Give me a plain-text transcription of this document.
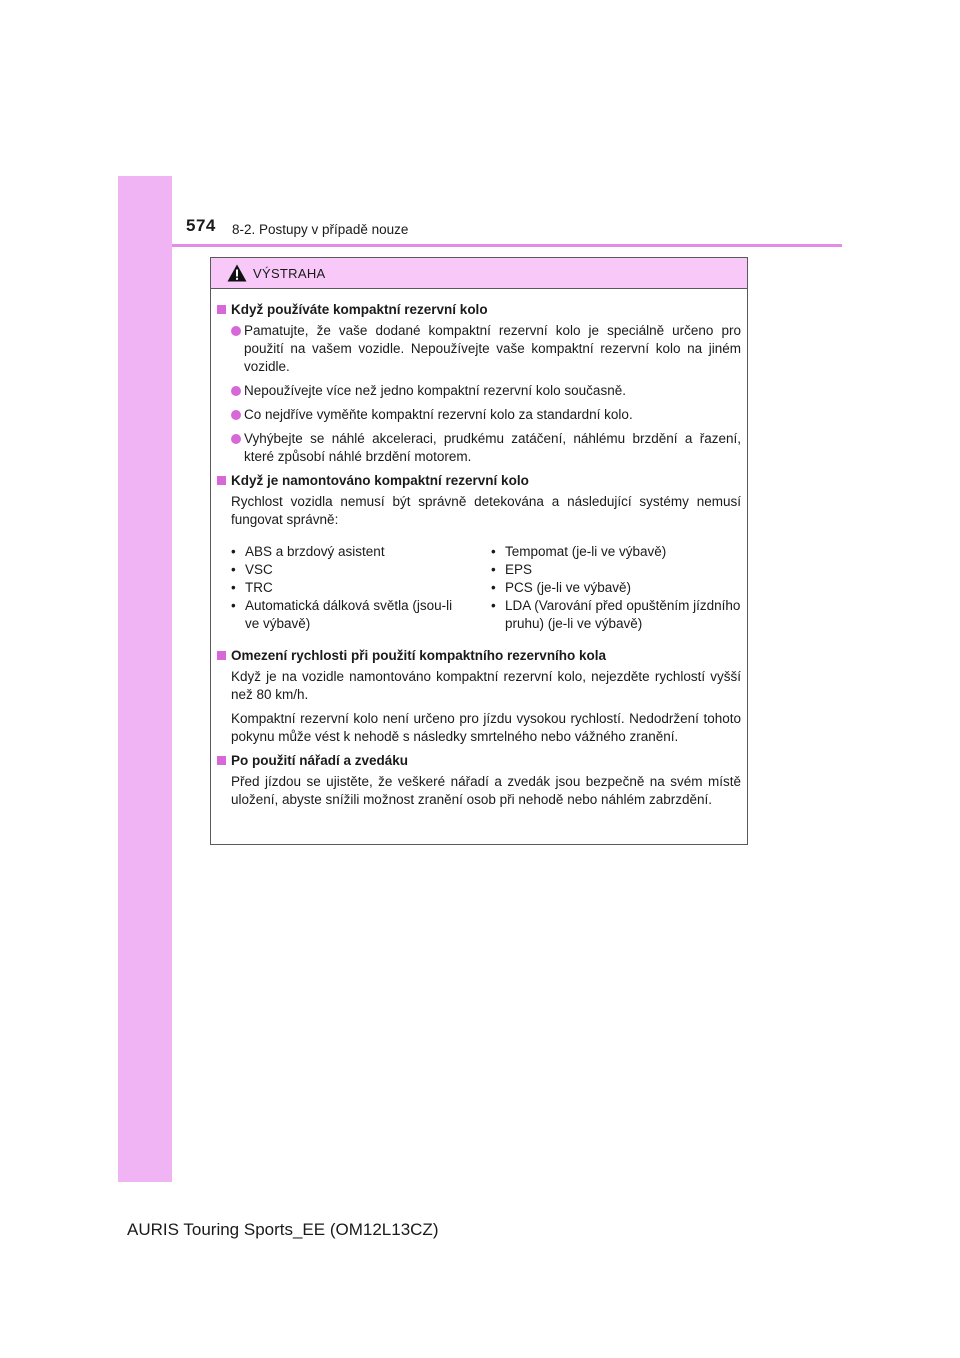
574 8-2. Postupy v případě nouze
VÝSTRAHA
Když používáte kompaktní rezervní kolo
Pamatujte, že vaše dodané kompaktní rezervní kolo je speciálně určeno pro použití na vašem vozidle. Nepoužívejte vaše kompaktní rezervní kolo na jiném vozidle.
Nepoužívejte více než jedno kompaktní rezervní kolo současně.
Co nejdříve vyměňte kompaktní rezervní kolo za standardní kolo.
Vyhýbejte se náhlé akceleraci, prudkému zatáčení, náhlému brzdění a řazení, které způsobí náhlé brzdění motorem.
Když je namontováno kompaktní rezervní kolo
Rychlost vozidla nemusí být správně detekována a následující systémy nemusí fungovat správně:
• ABS a brzdový asistent
• VSC
• TRC
• Automatická dálková světla (jsou-li ve výbavě)
• Tempomat (je-li ve výbavě)
• EPS
• PCS (je-li ve výbavě)
• LDA (Varování před opuštěním jízdního pruhu) (je-li ve výbavě)
Omezení rychlosti při použití kompaktního rezervního kola
Když je na vozidle namontováno kompaktní rezervní kolo, nejezděte rychlostí vyšší než 80 km/h.
Kompaktní rezervní kolo není určeno pro jízdu vysokou rychlostí. Nedodržení tohoto pokynu může vést k nehodě s následky smrtelného nebo vážného zranění.
Po použití nářadí a zvedáku
Před jízdou se ujistěte, že veškeré nářadí a zvedák jsou bezpečně na svém místě uložení, abyste snížili možnost zranění osob při nehodě nebo náhlém zabrzdění.
AURIS Touring Sports_EE (OM12L13CZ)
